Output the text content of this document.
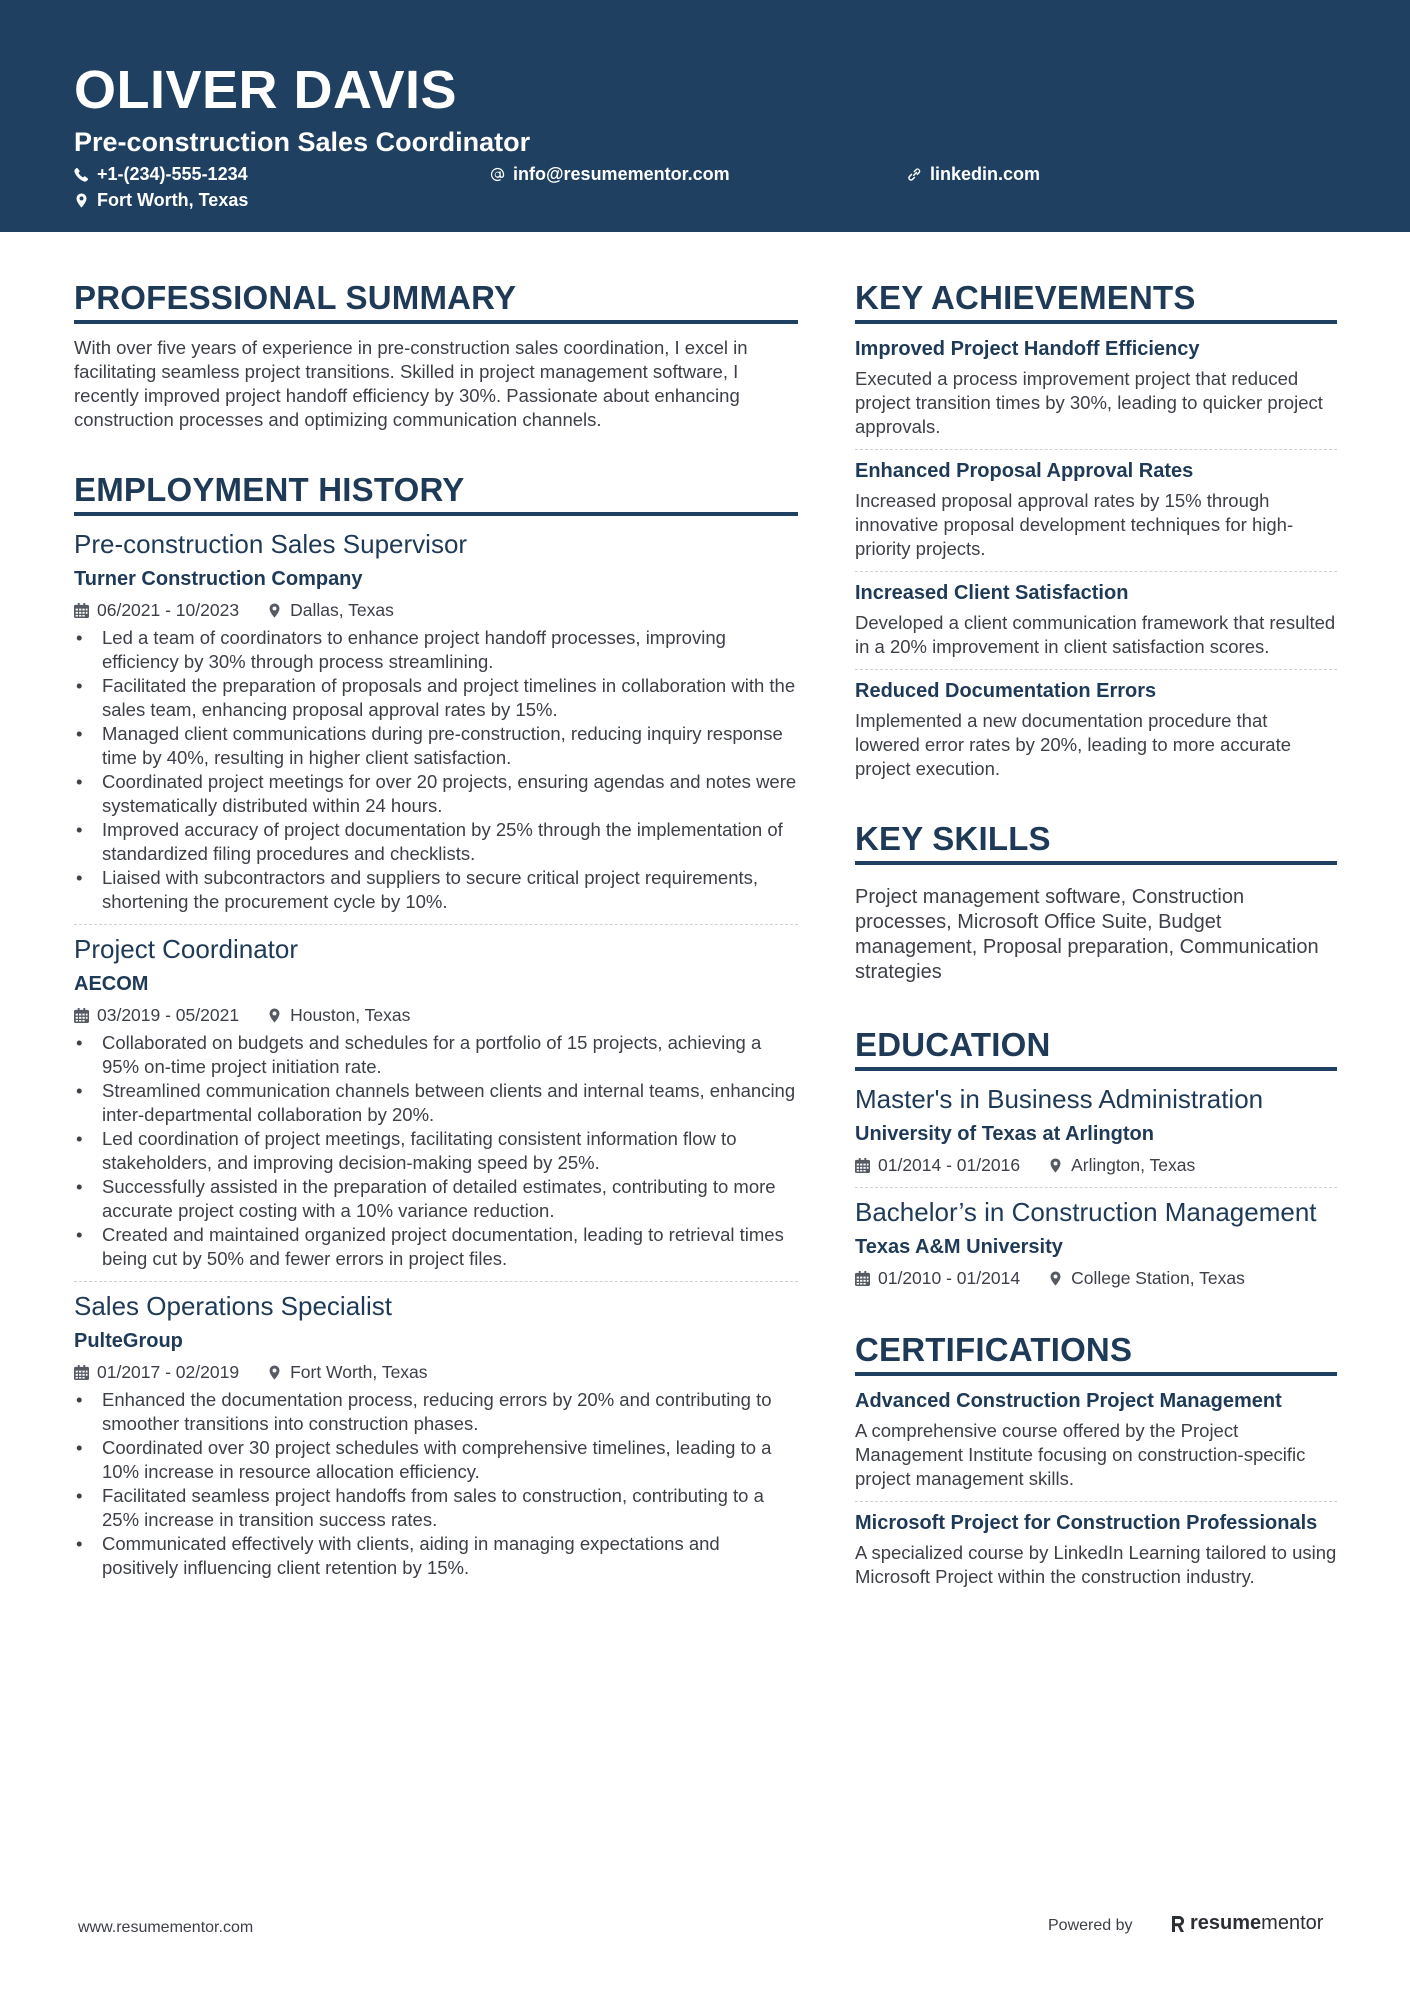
OLIVER DAVIS
Pre-construction Sales Coordinator
+1-(234)-555-1234	info@resumementor.com	linkedin.com
Fort Worth, Texas
PROFESSIONAL SUMMARY
With over five years of experience in pre-construction sales coordination, I excel in facilitating seamless project transitions. Skilled in project management software, I recently improved project handoff efficiency by 30%. Passionate about enhancing construction processes and optimizing communication channels.
EMPLOYMENT HISTORY
Pre-construction Sales Supervisor
Turner Construction Company
06/2021 - 10/2023	Dallas, Texas
• Led a team of coordinators to enhance project handoff processes, improving efficiency by 30% through process streamlining.
• Facilitated the preparation of proposals and project timelines in collaboration with the sales team, enhancing proposal approval rates by 15%.
• Managed client communications during pre-construction, reducing inquiry response time by 40%, resulting in higher client satisfaction.
• Coordinated project meetings for over 20 projects, ensuring agendas and notes were systematically distributed within 24 hours.
• Improved accuracy of project documentation by 25% through the implementation of standardized filing procedures and checklists.
• Liaised with subcontractors and suppliers to secure critical project requirements, shortening the procurement cycle by 10%.
Project Coordinator
AECOM
03/2019 - 05/2021	Houston, Texas
• Collaborated on budgets and schedules for a portfolio of 15 projects, achieving a 95% on-time project initiation rate.
• Streamlined communication channels between clients and internal teams, enhancing inter-departmental collaboration by 20%.
• Led coordination of project meetings, facilitating consistent information flow to stakeholders, and improving decision-making speed by 25%.
• Successfully assisted in the preparation of detailed estimates, contributing to more accurate project costing with a 10% variance reduction.
• Created and maintained organized project documentation, leading to retrieval times being cut by 50% and fewer errors in project files.
Sales Operations Specialist
PulteGroup
01/2017 - 02/2019	Fort Worth, Texas
• Enhanced the documentation process, reducing errors by 20% and contributing to smoother transitions into construction phases.
• Coordinated over 30 project schedules with comprehensive timelines, leading to a 10% increase in resource allocation efficiency.
• Facilitated seamless project handoffs from sales to construction, contributing to a 25% increase in transition success rates.
• Communicated effectively with clients, aiding in managing expectations and positively influencing client retention by 15%.
KEY ACHIEVEMENTS
Improved Project Handoff Efficiency
Executed a process improvement project that reduced project transition times by 30%, leading to quicker project approvals.
Enhanced Proposal Approval Rates
Increased proposal approval rates by 15% through innovative proposal development techniques for high-priority projects.
Increased Client Satisfaction
Developed a client communication framework that resulted in a 20% improvement in client satisfaction scores.
Reduced Documentation Errors
Implemented a new documentation procedure that lowered error rates by 20%, leading to more accurate project execution.
KEY SKILLS
Project management software, Construction processes, Microsoft Office Suite, Budget management, Proposal preparation, Communication strategies
EDUCATION
Master's in Business Administration
University of Texas at Arlington
01/2014 - 01/2016	Arlington, Texas
Bachelor’s in Construction Management
Texas A&M University
01/2010 - 01/2014	College Station, Texas
CERTIFICATIONS
Advanced Construction Project Management
A comprehensive course offered by the Project Management Institute focusing on construction-specific project management skills.
Microsoft Project for Construction Professionals
A specialized course by LinkedIn Learning tailored to using Microsoft Project within the construction industry.
www.resumementor.com	Powered by	resumementor
